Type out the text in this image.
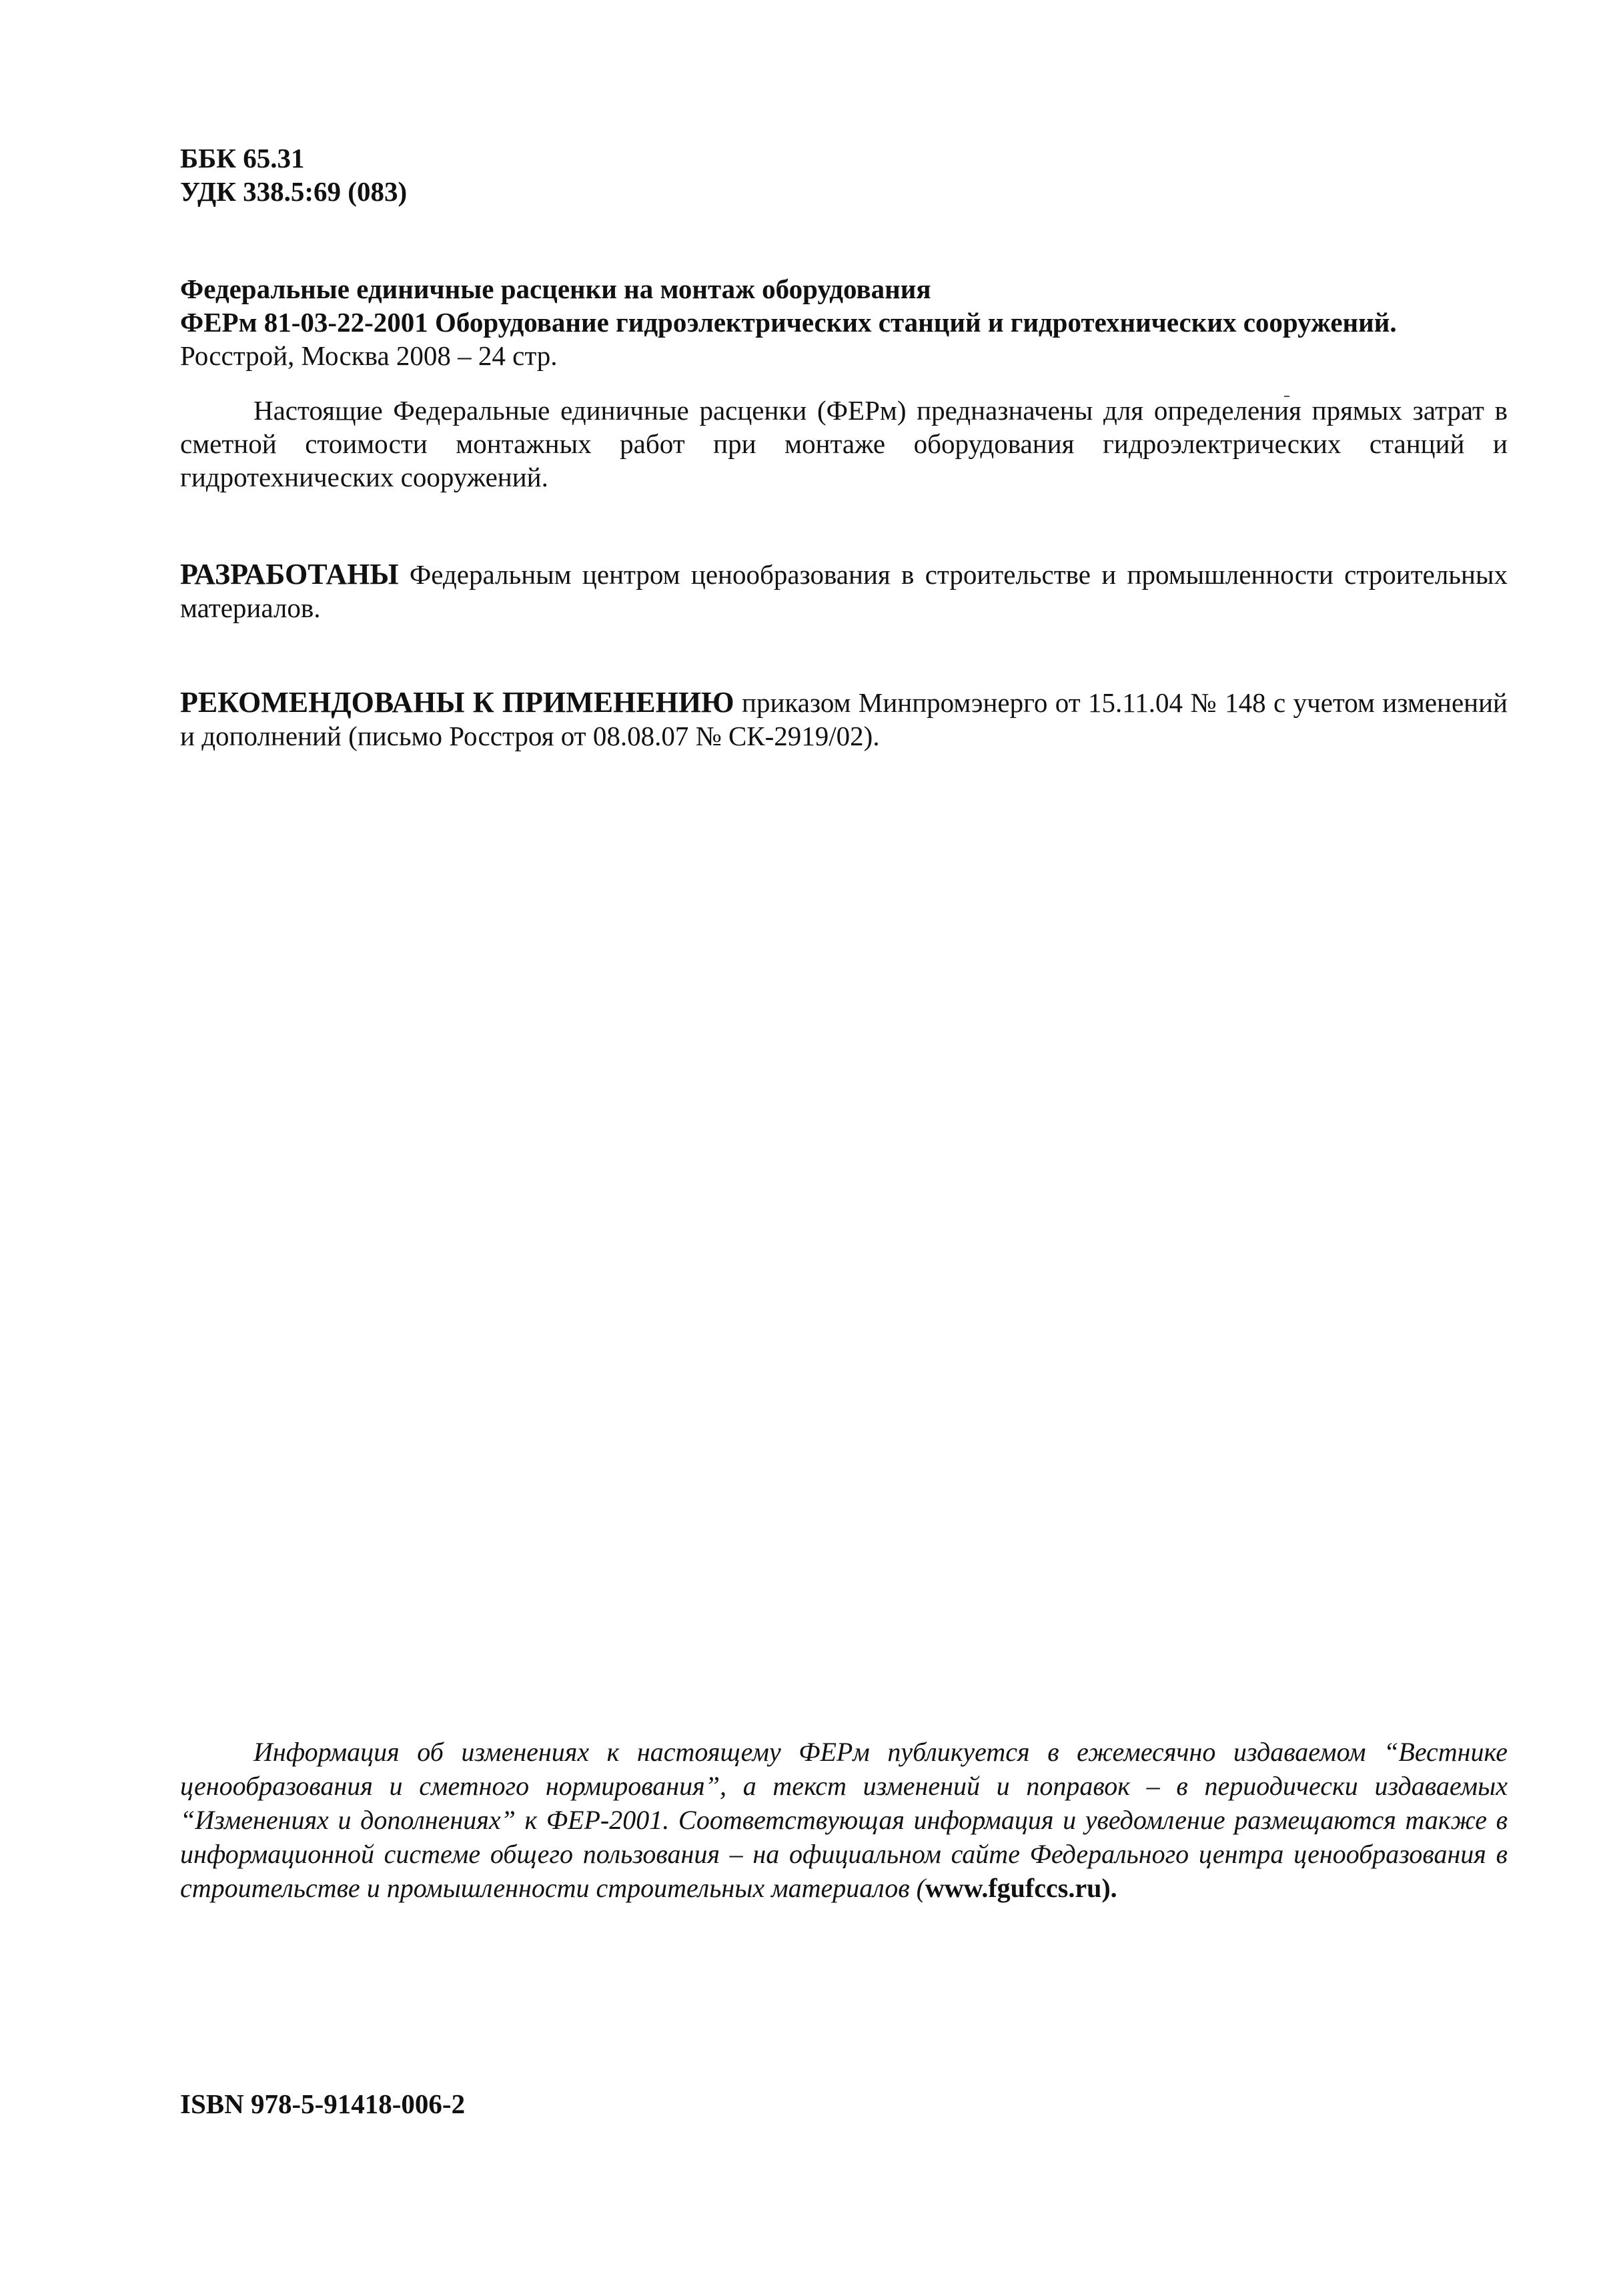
ББК 65.31
УДК 338.5:69 (083)
Федеральные единичные расценки на монтаж оборудования
ФЕРм 81-03-22-2001 Оборудование гидроэлектрических станций и гидротехнических сооружений.
Росстрой, Москва 2008 – 24 стр.
Настоящие Федеральные единичные расценки (ФЕРм) предназначены для определения прямых затрат в сметной стоимости монтажных работ при монтаже оборудования гидроэлектрических станций и гидротехнических сооружений.
РАЗРАБОТАНЫ Федеральным центром ценообразования в строительстве и промышленности строительных материалов.
РЕКОМЕНДОВАНЫ К ПРИМЕНЕНИЮ приказом Минпромэнерго от 15.11.04 № 148 с учетом изменений и дополнений (письмо Росстроя от 08.08.07 № СК-2919/02).
Информация об изменениях к настоящему ФЕРм публикуется в ежемесячно издаваемом “Вестнике ценообразования и сметного нормирования”, а текст изменений и поправок – в периодически издаваемых “Изменениях и дополнениях” к ФЕР-2001. Соответствующая информация и уведомление размещаются также в информационной системе общего пользования – на официальном сайте Федерального центра ценообразования в строительстве и промышленности строительных материалов (www.fgufccs.ru).
ISBN 978-5-91418-006-2
